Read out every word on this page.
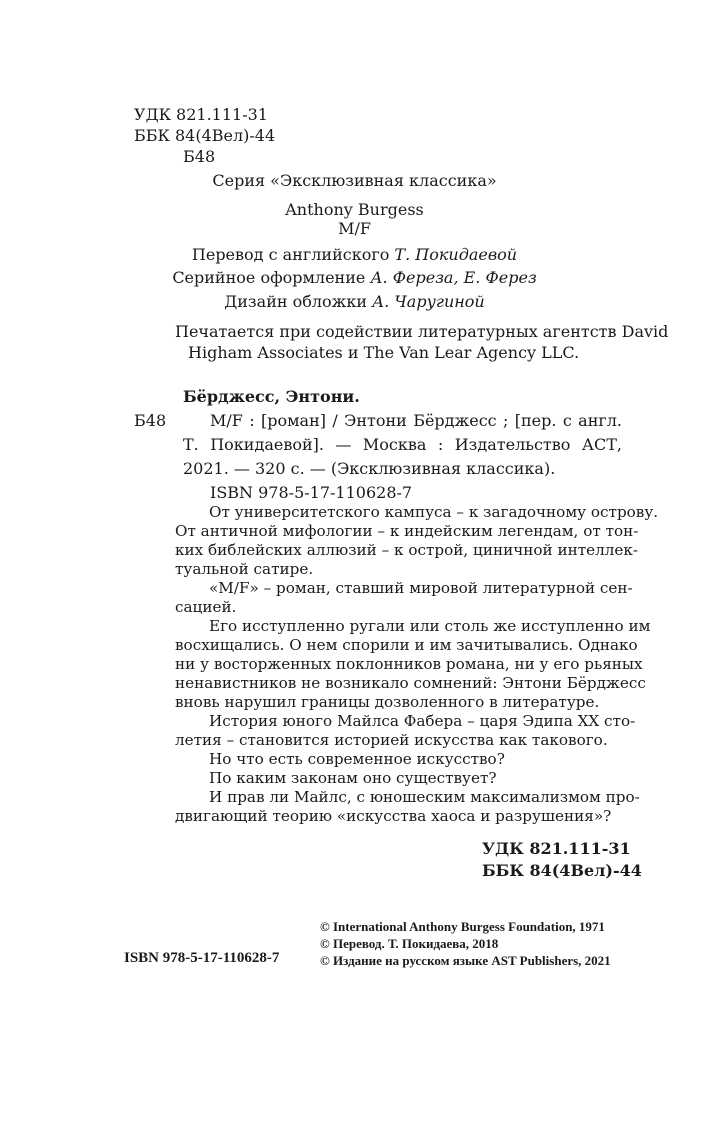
УДК 821.111-31
ББК 84(4Вел)-44
Б48
Серия «Эксклюзивная классика»
Anthony Burgess
M/F
Перевод с английского Т. Покидаевой
Серийное оформление А. Фереза, Е. Ферез
Дизайн обложки А. Чаругиной
Печатается при содействии литературных агентств David
Higham Associates и The Van Lear Agency LLC.
Бёрджесс, Энтони.
Б48	M/F : [роман] / Энтони Бёрджесс ; [пер. с англ.
Т. Покидаевой]. — Москва : Издательство АСТ,
2021. — 320 с. — (Эксклюзивная классика).
ISBN 978-5-17-110628-7
От университетского кампуса – к загадочному острову.
От античной мифологии – к индейским легендам, от тон-
ких библейских аллюзий – к острой, циничной интеллек-
туальной сатире.
«M/F» – роман, ставший мировой литературной сен-
сацией.
Его исступленно ругали или столь же исступленно им
восхищались. О нем спорили и им зачитывались. Однако
ни у восторженных поклонников романа, ни у его рьяных
ненавистников не возникало сомнений: Энтони Бёрджесс
вновь нарушил границы дозволенного в литературе.
История юного Майлса Фабера – царя Эдипа XX сто-
летия – становится историей искусства как такового.
Но что есть современное искусство?
По каким законам оно существует?
И прав ли Майлс, с юношеским максимализмом про-
двигающий теорию «искусства хаоса и разрушения»?
УДК 821.111-31
ББК 84(4Вел)-44
ISBN 978-5-17-110628-7
© International Anthony Burgess Foundation, 1971
© Перевод. Т. Покидаева, 2018
© Издание на русском языке AST Publishers, 2021
